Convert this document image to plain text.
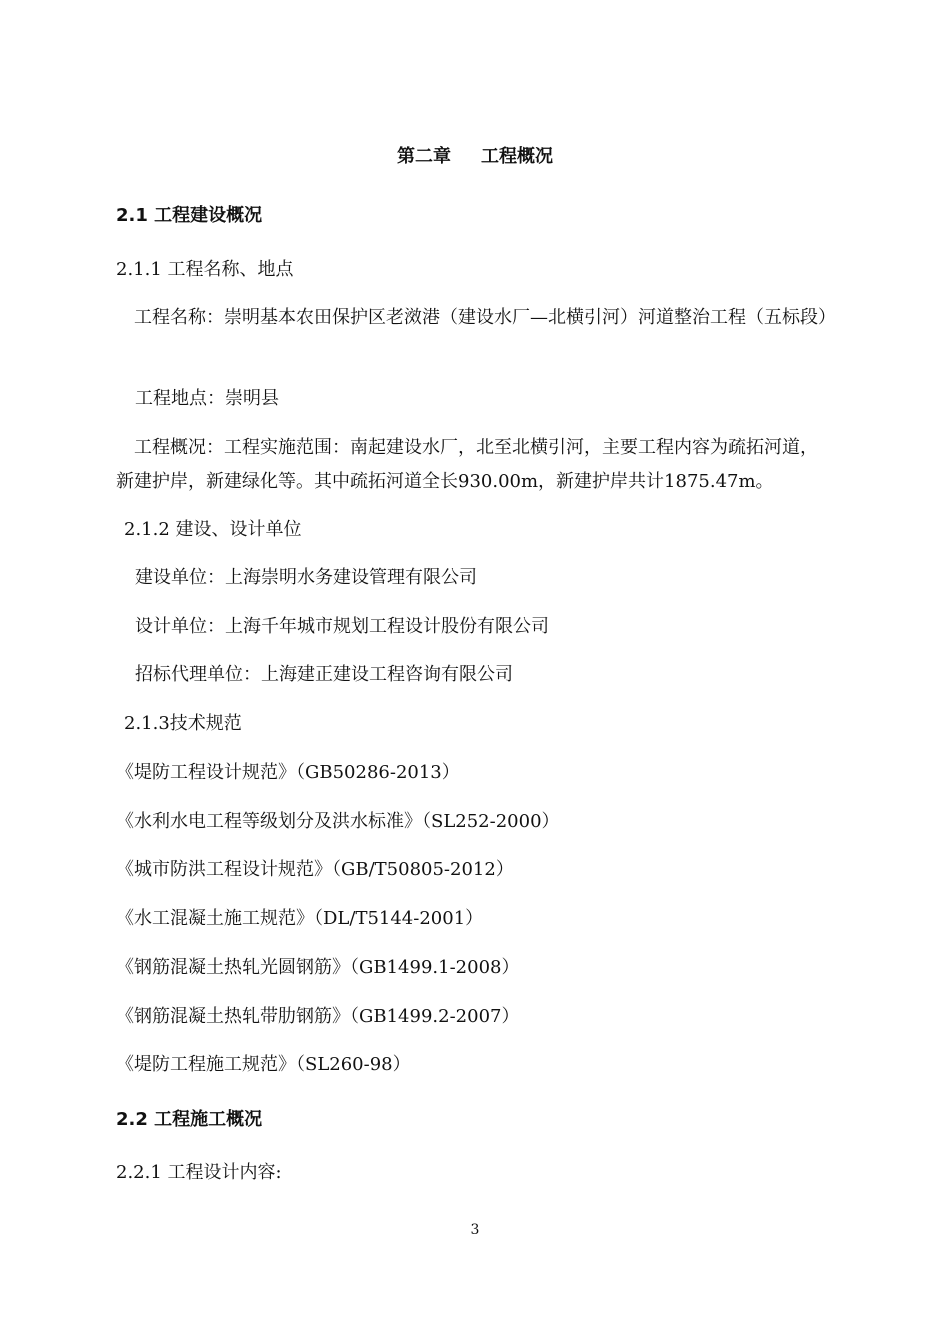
第二章 工程概况
2.1 工程建设概况
2.1.1 工程名称、地点
工程名称：崇明基本农田保护区老滧港（建设水厂—北横引河）河道整治工程（五标段）
工程地点：崇明县
工程概况：工程实施范围：南起建设水厂，北至北横引河，主要工程内容为疏拓河道，新建护岸，新建绿化等。其中疏拓河道全长930.00m，新建护岸共计1875.47m。
2.1.2 建设、设计单位
建设单位：上海崇明水务建设管理有限公司
设计单位：上海千年城市规划工程设计股份有限公司
招标代理单位：上海建正建设工程咨询有限公司
2.1.3技术规范
《堤防工程设计规范》（GB50286-2013）
《水利水电工程等级划分及洪水标准》（SL252-2000）
《城市防洪工程设计规范》（GB/T50805-2012）
《水工混凝土施工规范》（DL/T5144-2001）
《钢筋混凝土热轧光圆钢筋》（GB1499.1-2008）
《钢筋混凝土热轧带肋钢筋》（GB1499.2-2007）
《堤防工程施工规范》（SL260-98）
2.2 工程施工概况
2.2.1 工程设计内容:
3
